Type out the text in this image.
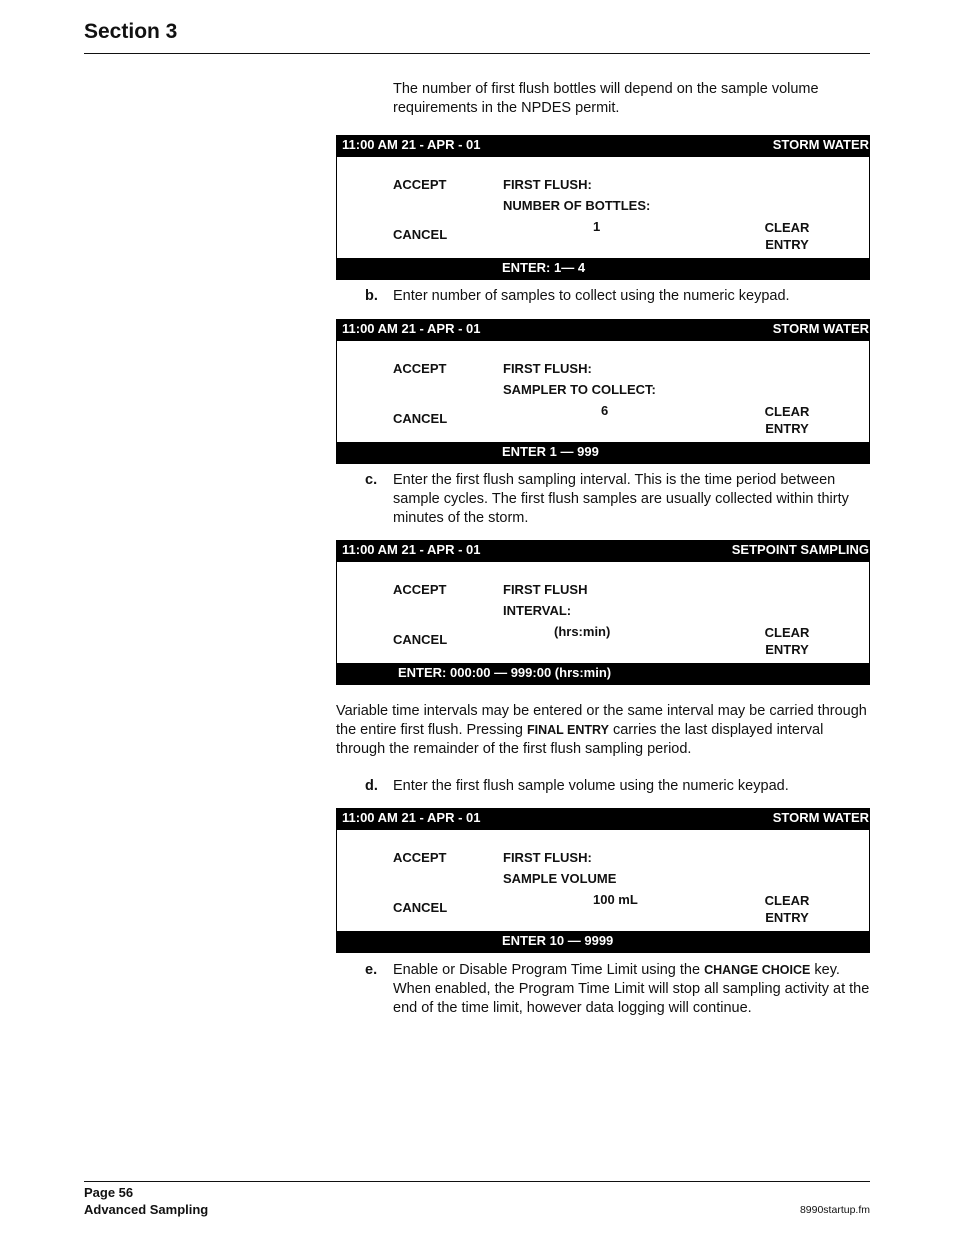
Section 3
The number of first flush bottles will depend on the sample volume requirements in the NPDES permit.
11:00 AM 21 - APR - 01	STORM WATER
ACCEPT
CANCEL
FIRST FLUSH:
NUMBER OF BOTTLES:
1	CLEAR
ENTRY
ENTER: 1— 4
b. Enter number of samples to collect using the numeric keypad.
11:00 AM 21 - APR - 01	STORM WATER
ACCEPT
CANCEL
FIRST FLUSH:
SAMPLER TO COLLECT:
6	CLEAR
ENTRY
ENTER 1 — 999
c. Enter the first flush sampling interval. This is the time period between sample cycles. The first flush samples are usually collected within thirty minutes of the storm.
11:00 AM 21 - APR - 01	SETPOINT SAMPLING
ACCEPT
CANCEL
FIRST FLUSH
INTERVAL:
(hrs:min)	CLEAR
ENTRY
ENTER: 000:00 — 999:00 (hrs:min)
Variable time intervals may be entered or the same interval may be carried through the entire first flush. Pressing FINAL ENTRY carries the last displayed interval through the remainder of the first flush sampling period.
d. Enter the first flush sample volume using the numeric keypad.
11:00 AM 21 - APR - 01	STORM WATER
ACCEPT
CANCEL
FIRST FLUSH:
SAMPLE VOLUME
100 mL	CLEAR
ENTRY
ENTER 10 — 9999
e. Enable or Disable Program Time Limit using the CHANGE CHOICE key. When enabled, the Program Time Limit will stop all sampling activity at the end of the time limit, however data logging will continue.
Page 56
Advanced Sampling	8990startup.fm
